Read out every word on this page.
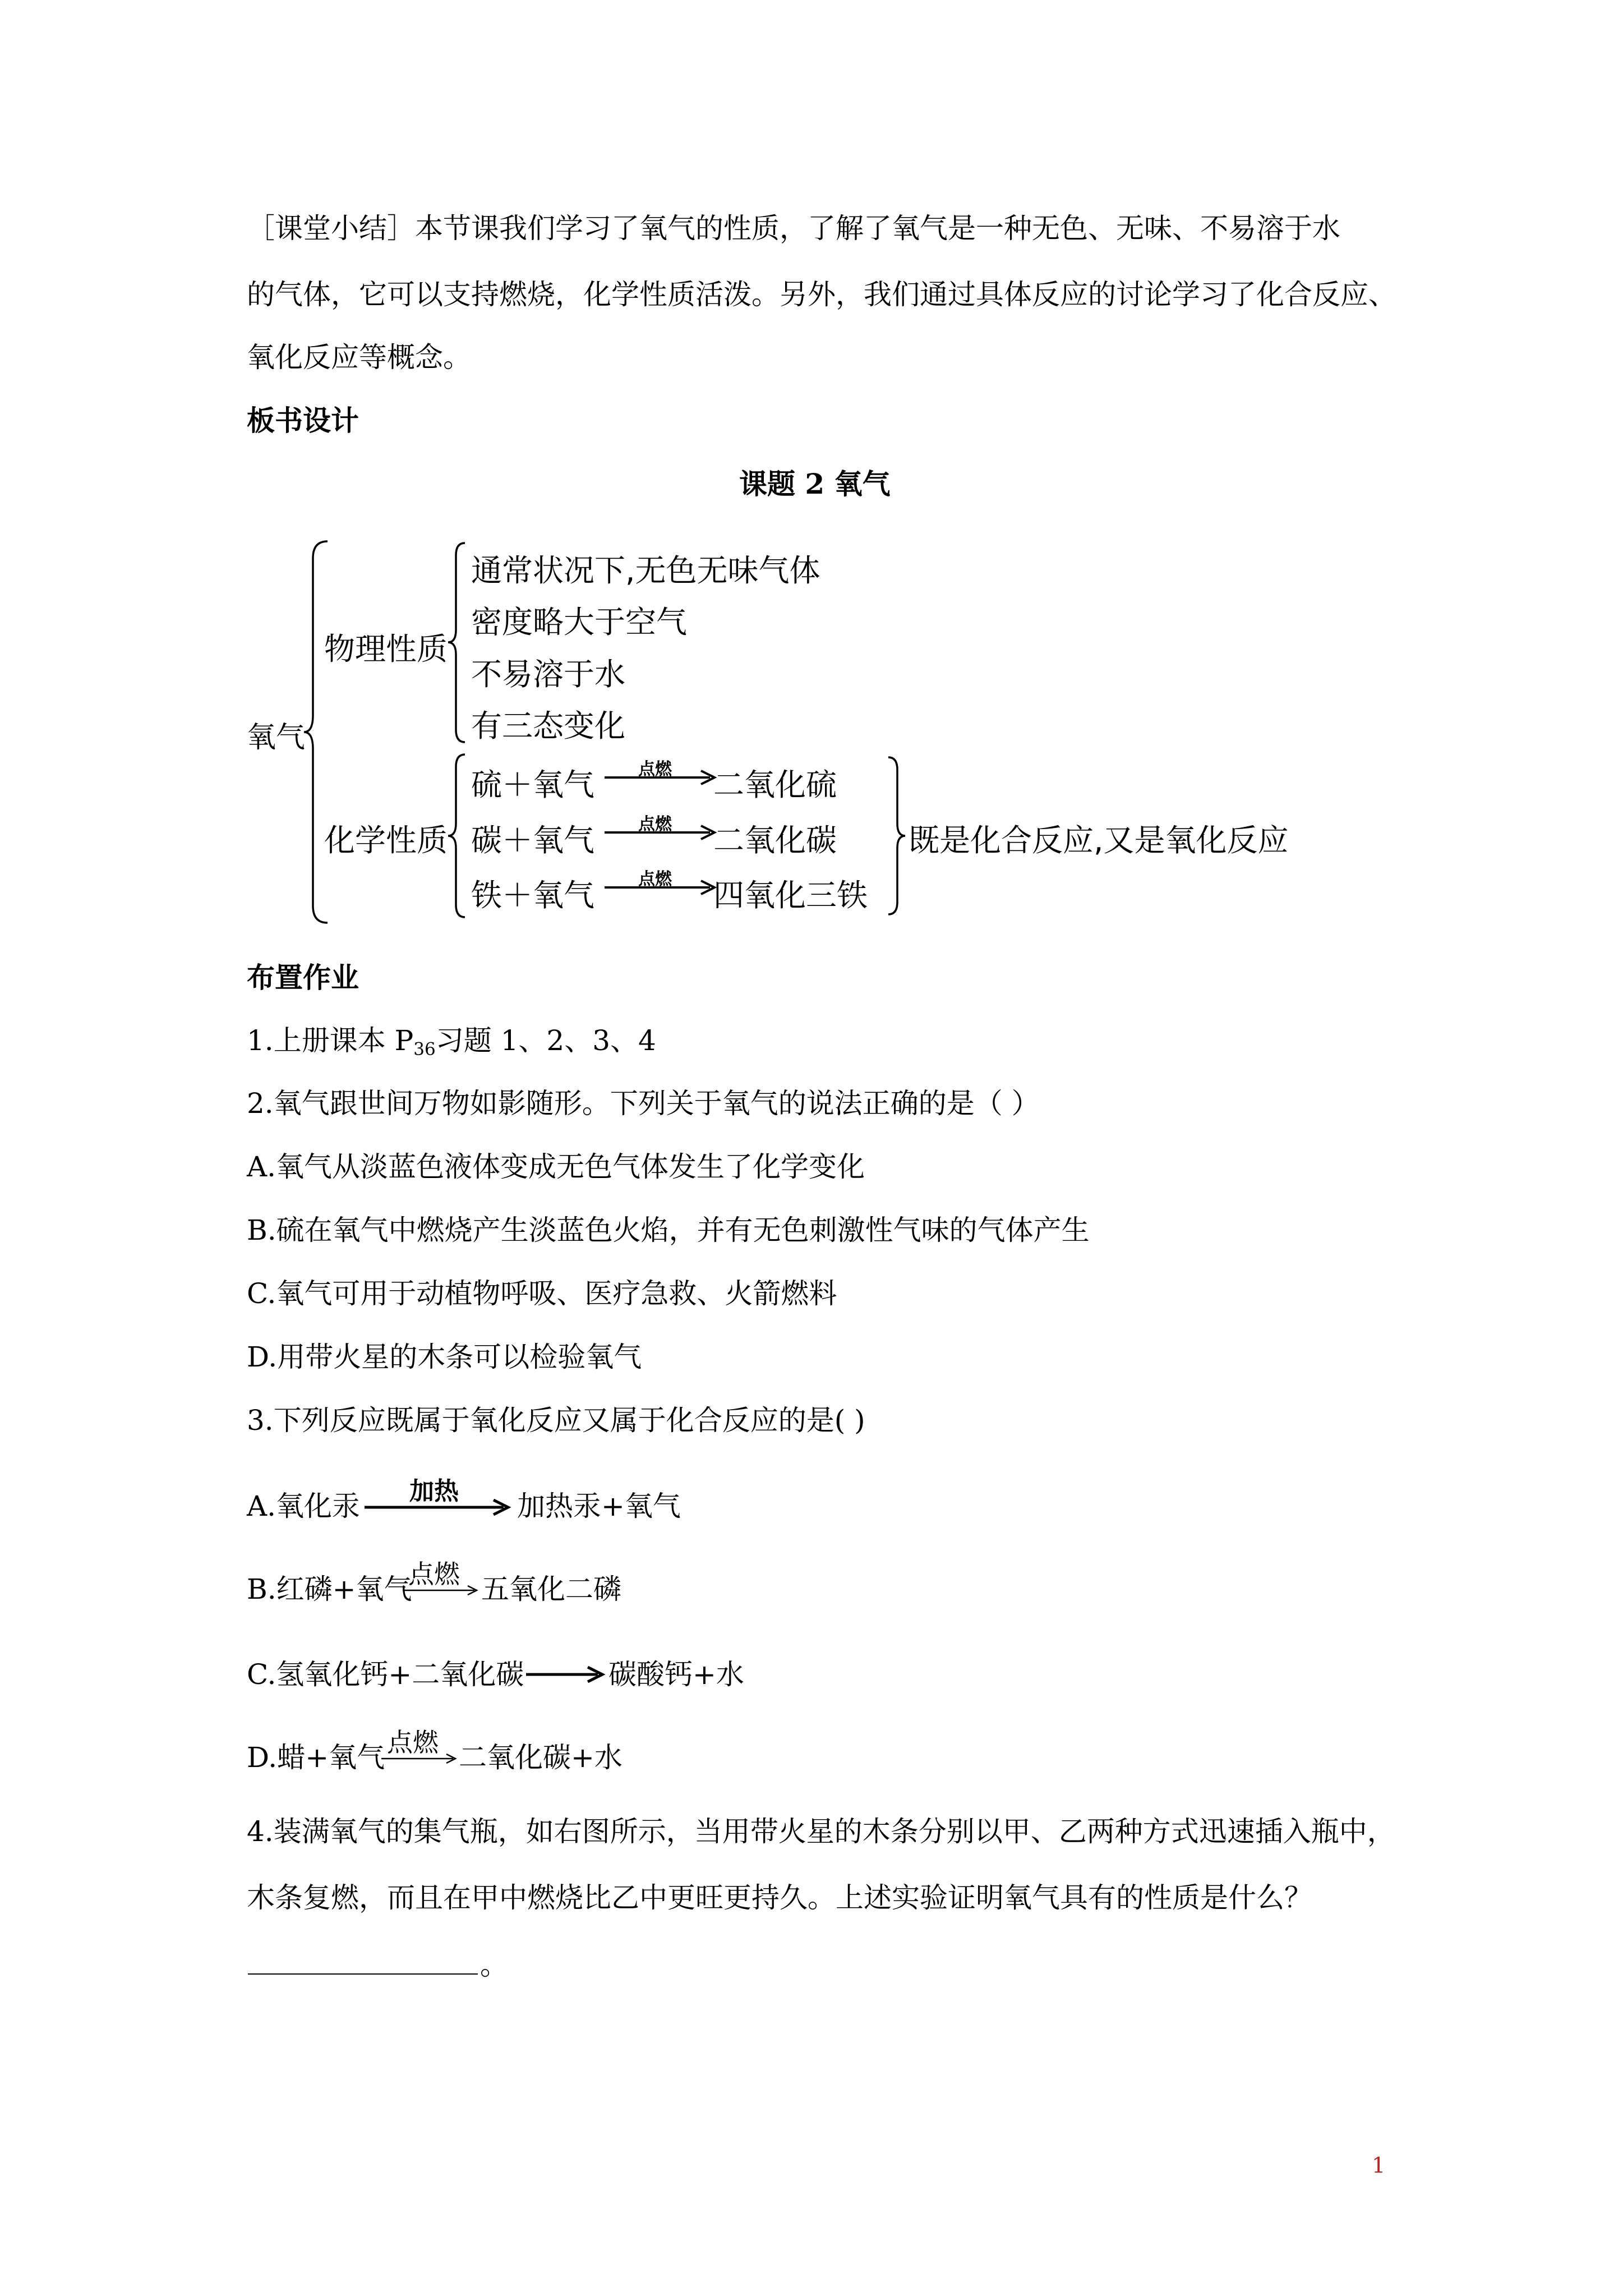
［课堂小结］本节课我们学习了氧气的性质，了解了氧气是一种无色、无味、不易溶于水
的气体，它可以支持燃烧，化学性质活泼。另外，我们通过具体反应的讨论学习了化合反应、
氧化反应等概念。
板书设计
课题 2 氧气
氧气
物理性质
通常状况下,无色无味气体
密度略大于空气
不易溶于水
有三态变化
化学性质
硫＋氧气	点燃	二氧化硫
碳＋氧气	点燃	二氧化碳
铁＋氧气	点燃	四氧化三铁
既是化合反应,又是氧化反应
布置作业
1.上册课本 $P_{36}$习题 1、2、3、4
2.氧气跟世间万物如影随形。下列关于氧气的说法正确的是（ ）
A.氧气从淡蓝色液体变成无色气体发生了化学变化
B.硫在氧气中燃烧产生淡蓝色火焰，并有无色刺激性气味的气体产生
C.氧气可用于动植物呼吸、医疗急救、火箭燃料
D.用带火星的木条可以检验氧气
3.下列反应既属于氧化反应又属于化合反应的是( )
A.氧化汞 加热 加热汞+氧气
B.红磷+氧气
点燃 五氧化二磷
C.氢氧化钙+二氧化碳	碳酸钙+水
D.蜡+氧气 点燃 二氧化碳+水
4.装满氧气的集气瓶，如右图所示，当用带火星的木条分别以甲、乙两种方式迅速插入瓶中，
木条复燃，而且在甲中燃烧比乙中更旺更持久。上述实验证明氧气具有的性质是什么？
。
1
